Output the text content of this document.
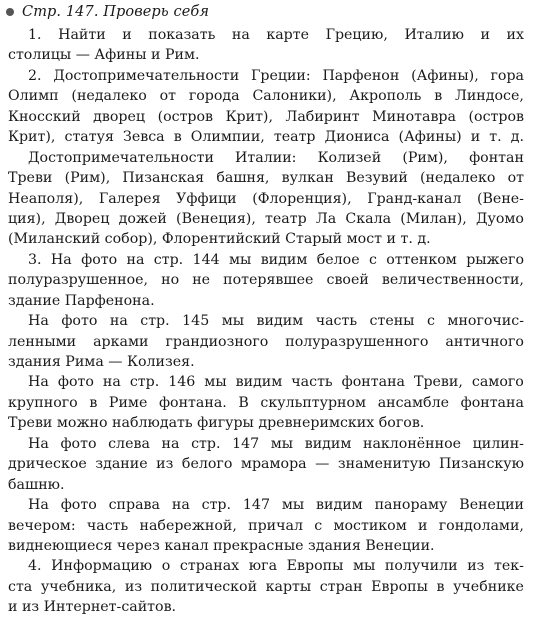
Стр. 147. Проверь себя
1. Найти и показать на карте Грецию, Италию и их
столицы — Афины и Рим.
2. Достопримечательности Греции: Парфенон (Афины), гора
Олимп (недалеко от города Салоники), Акрополь в Линдосе,
Кносский дворец (остров Крит), Лабиринт Минотавра (остров
Крит), статуя Зевса в Олимпии, театр Диониса (Афины) и т. д.
Достопримечательности Италии: Колизей (Рим), фонтан
Треви (Рим), Пизанская башня, вулкан Везувий (недалеко от
Неаполя), Галерея Уффици (Флоренция), Гранд-канал (Вене-
ция), Дворец дожей (Венеция), театр Ла Скала (Милан), Дуомо
(Миланский собор), Флорентийский Старый мост и т. д.
3. На фото на стр. 144 мы видим белое с оттенком рыжего
полуразрушенное, но не потерявшее своей величественности,
здание Парфенона.
На фото на стр. 145 мы видим часть стены с многочис-
ленными арками грандиозного полуразрушенного античного
здания Рима — Колизея.
На фото на стр. 146 мы видим часть фонтана Треви, самого
крупного в Риме фонтана. В скульптурном ансамбле фонтана
Треви можно наблюдать фигуры древнеримских богов.
На фото слева на стр. 147 мы видим наклонённое цилин-
дрическое здание из белого мрамора — знаменитую Пизанскую
башню.
На фото справа на стр. 147 мы видим панораму Венеции
вечером: часть набережной, причал с мостиком и гондолами,
виднеющиеся через канал прекрасные здания Венеции.
4. Информацию о странах юга Европы мы получили из тек-
ста учебника, из политической карты стран Европы в учебнике
и из Интернет-сайтов.
